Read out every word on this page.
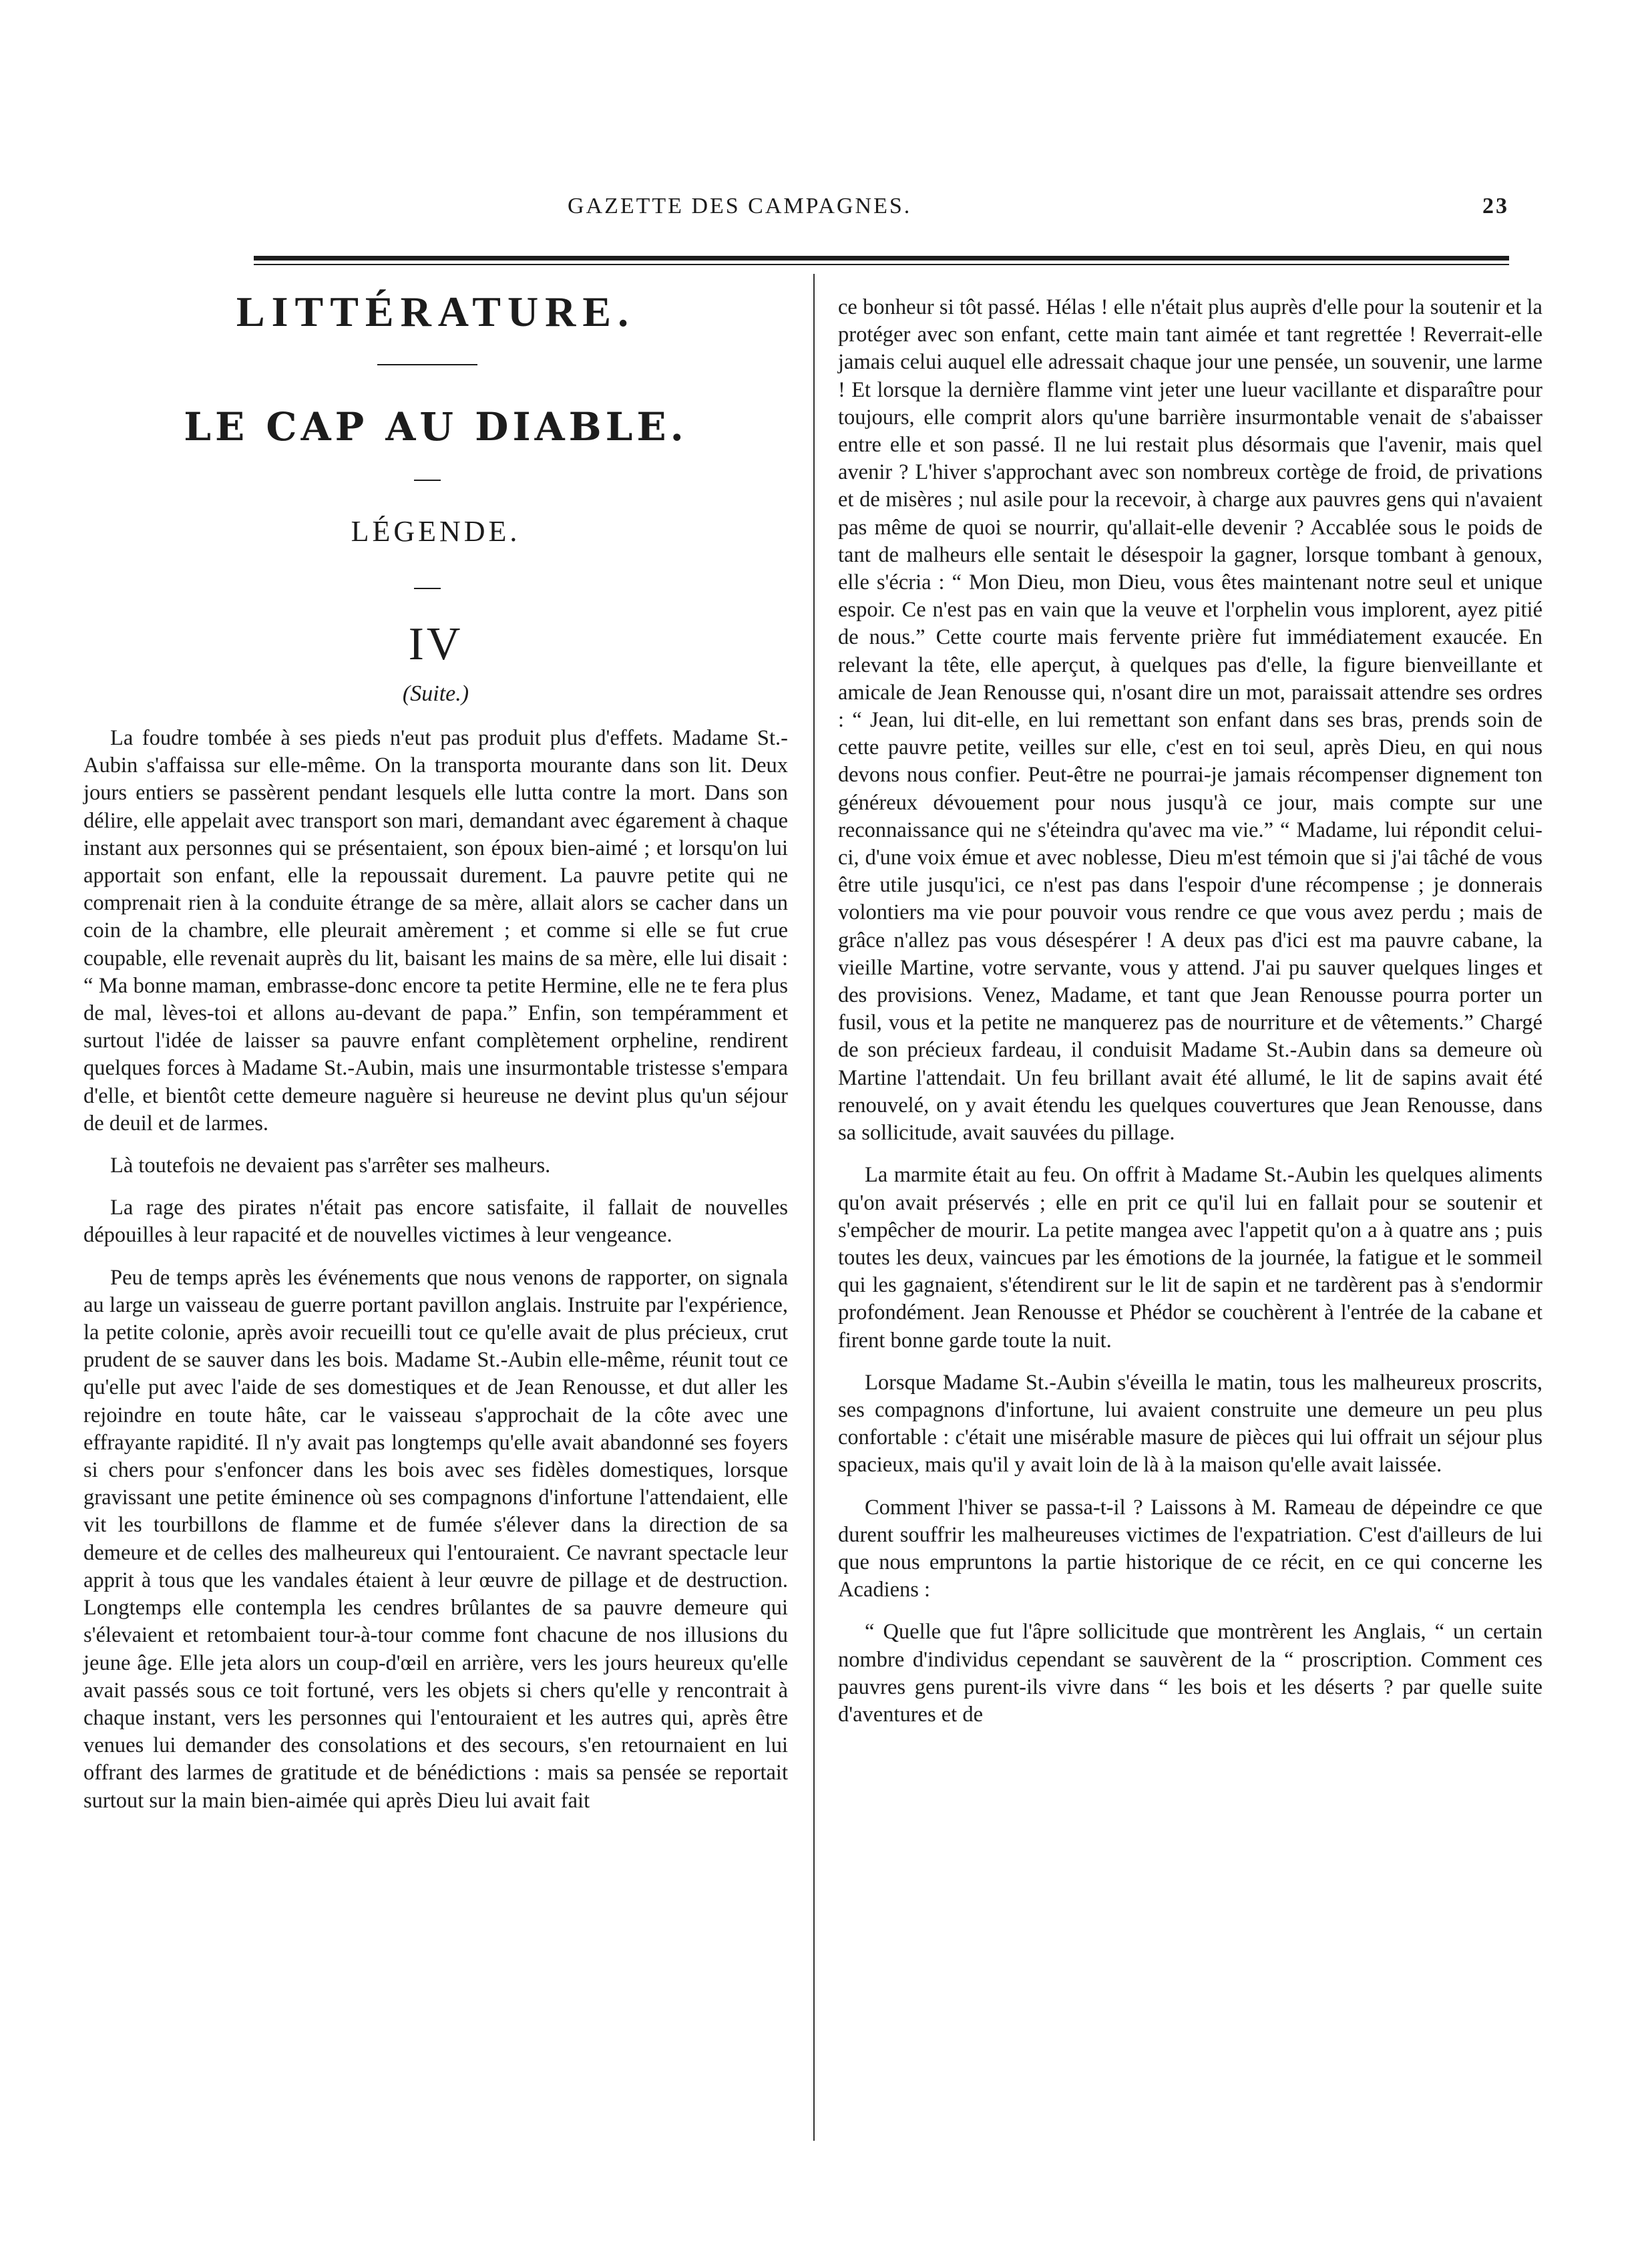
GAZETTE DES CAMPAGNES.	23
LITTÉRATURE.
LE CAP AU DIABLE.
LÉGENDE.
IV
(Suite.)

La foudre tombée à ses pieds n'eut pas produit plus d'effets. Madame St.-Aubin s'affaissa sur elle-même. On la transporta mourante dans son lit. Deux jours entiers se passèrent pendant lesquels elle lutta contre la mort. Dans son délire, elle appelait avec transport son mari, demandant avec égarement à chaque instant aux personnes qui se présentaient, son époux bien-aimé ; et lorsqu'on lui apportait son enfant, elle la repoussait durement. La pauvre petite qui ne comprenait rien à la conduite étrange de sa mère, allait alors se cacher dans un coin de la chambre, elle pleurait amèrement ; et comme si elle se fut crue coupable, elle revenait auprès du lit, baisant les mains de sa mère, elle lui disait : “ Ma bonne maman, embrasse-donc encore ta petite Hermine, elle ne te fera plus de mal, lèves-toi et allons au-devant de papa.” Enfin, son tempéramment et surtout l'idée de laisser sa pauvre enfant complètement orpheline, rendirent quelques forces à Madame St.-Aubin, mais une insurmontable tristesse s'empara d'elle, et bientôt cette demeure naguère si heureuse ne devint plus qu'un séjour de deuil et de larmes.

Là toutefois ne devaient pas s'arrêter ses malheurs.

La rage des pirates n'était pas encore satisfaite, il fallait de nouvelles dépouilles à leur rapacité et de nouvelles victimes à leur vengeance.

Peu de temps après les événements que nous venons de rapporter, on signala au large un vaisseau de guerre portant pavillon anglais. Instruite par l'expérience, la petite colonie, après avoir recueilli tout ce qu'elle avait de plus précieux, crut prudent de se sauver dans les bois. Madame St.-Aubin elle-même, réunit tout ce qu'elle put avec l'aide de ses domestiques et de Jean Renousse, et dut aller les rejoindre en toute hâte, car le vaisseau s'approchait de la côte avec une effrayante rapidité. Il n'y avait pas longtemps qu'elle avait abandonné ses foyers si chers pour s'enfoncer dans les bois avec ses fidèles domestiques, lorsque gravissant une petite éminence où ses compagnons d'infortune l'attendaient, elle vit les tourbillons de flamme et de fumée s'élever dans la direction de sa demeure et de celles des malheureux qui l'entouraient. Ce navrant spectacle leur apprit à tous que les vandales étaient à leur œuvre de pillage et de destruction. Longtemps elle contempla les cendres brûlantes de sa pauvre demeure qui s'élevaient et retombaient tour-à-tour comme font chacune de nos illusions du jeune âge. Elle jeta alors un coup-d'œil en arrière, vers les jours heureux qu'elle avait passés sous ce toit fortuné, vers les objets si chers qu'elle y rencontrait à chaque instant, vers les personnes qui l'entouraient et les autres qui, après être venues lui demander des consolations et des secours, s'en retournaient en lui offrant des larmes de gratitude et de bénédictions : mais sa pensée se reportait surtout sur la main bien-aimée qui après Dieu lui avait fait

ce bonheur si tôt passé. Hélas ! elle n'était plus auprès d'elle pour la soutenir et la protéger avec son enfant, cette main tant aimée et tant regrettée ! Reverrait-elle jamais celui auquel elle adressait chaque jour une pensée, un souvenir, une larme ! Et lorsque la dernière flamme vint jeter une lueur vacillante et disparaître pour toujours, elle comprit alors qu'une barrière insurmontable venait de s'abaisser entre elle et son passé. Il ne lui restait plus désormais que l'avenir, mais quel avenir ? L'hiver s'approchant avec son nombreux cortège de froid, de privations et de misères ; nul asile pour la recevoir, à charge aux pauvres gens qui n'avaient pas même de quoi se nourrir, qu'allait-elle devenir ? Accablée sous le poids de tant de malheurs elle sentait le désespoir la gagner, lorsque tombant à genoux, elle s'écria : “ Mon Dieu, mon Dieu, vous êtes maintenant notre seul et unique espoir. Ce n'est pas en vain que la veuve et l'orphelin vous implorent, ayez pitié de nous.” Cette courte mais fervente prière fut immédiatement exaucée. En relevant la tête, elle aperçut, à quelques pas d'elle, la figure bienveillante et amicale de Jean Renousse qui, n'osant dire un mot, paraissait attendre ses ordres : “ Jean, lui dit-elle, en lui remettant son enfant dans ses bras, prends soin de cette pauvre petite, veilles sur elle, c'est en toi seul, après Dieu, en qui nous devons nous confier. Peut-être ne pourrai-je jamais récompenser dignement ton généreux dévouement pour nous jusqu'à ce jour, mais compte sur une reconnaissance qui ne s'éteindra qu'avec ma vie.” “ Madame, lui répondit celui-ci, d'une voix émue et avec noblesse, Dieu m'est témoin que si j'ai tâché de vous être utile jusqu'ici, ce n'est pas dans l'espoir d'une récompense ; je donnerais volontiers ma vie pour pouvoir vous rendre ce que vous avez perdu ; mais de grâce n'allez pas vous désespérer ! A deux pas d'ici est ma pauvre cabane, la vieille Martine, votre servante, vous y attend. J'ai pu sauver quelques linges et des provisions. Venez, Madame, et tant que Jean Renousse pourra porter un fusil, vous et la petite ne manquerez pas de nourriture et de vêtements.” Chargé de son précieux fardeau, il conduisit Madame St.-Aubin dans sa demeure où Martine l'attendait. Un feu brillant avait été allumé, le lit de sapins avait été renouvelé, on y avait étendu les quelques couvertures que Jean Renousse, dans sa sollicitude, avait sauvées du pillage.

La marmite était au feu. On offrit à Madame St.-Aubin les quelques aliments qu'on avait préservés ; elle en prit ce qu'il lui en fallait pour se soutenir et s'empêcher de mourir. La petite mangea avec l'appetit qu'on a à quatre ans ; puis toutes les deux, vaincues par les émotions de la journée, la fatigue et le sommeil qui les gagnaient, s'étendirent sur le lit de sapin et ne tardèrent pas à s'endormir profondément. Jean Renousse et Phédor se couchèrent à l'entrée de la cabane et firent bonne garde toute la nuit.

Lorsque Madame St.-Aubin s'éveilla le matin, tous les malheureux proscrits, ses compagnons d'infortune, lui avaient construite une demeure un peu plus confortable : c'était une misérable masure de pièces qui lui offrait un séjour plus spacieux, mais qu'il y avait loin de là à la maison qu'elle avait laissée.

Comment l'hiver se passa-t-il ? Laissons à M. Rameau de dépeindre ce que durent souffrir les malheureuses victimes de l'expatriation. C'est d'ailleurs de lui que nous empruntons la partie historique de ce récit, en ce qui concerne les Acadiens :

“ Quelle que fut l'âpre sollicitude que montrèrent les Anglais, “ un certain nombre d'individus cependant se sauvèrent de la “ proscription. Comment ces pauvres gens purent-ils vivre dans “ les bois et les déserts ? par quelle suite d'aventures et de
